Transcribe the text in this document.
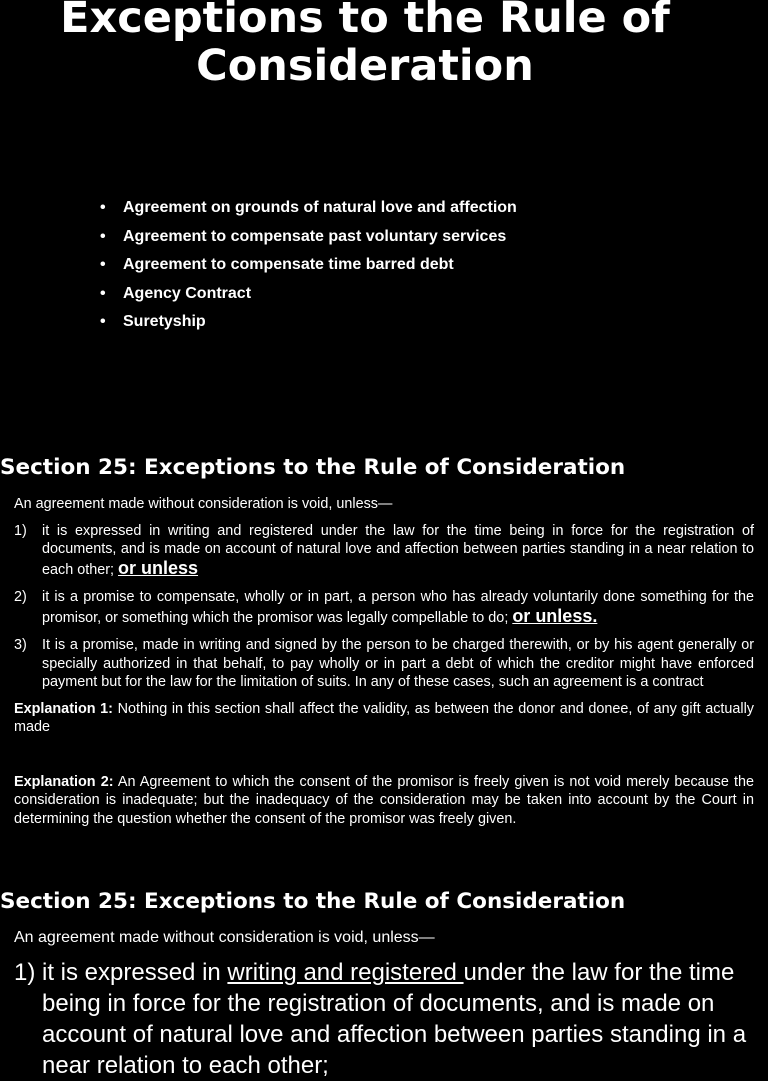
Exceptions to the Rule of Consideration
• Agreement on grounds of natural love and affection
• Agreement to compensate past voluntary services
• Agreement to compensate time barred debt
• Agency Contract
• Suretyship
Section 25: Exceptions to the Rule of Consideration

An agreement made without consideration is void, unless—

1) it is expressed in writing and registered under the law for the time being in force for the registration of documents, and is made on account of natural love and affection between parties standing in a near relation to each other; or unless
2) it is a promise to compensate, wholly or in part, a person who has already voluntarily done something for the promisor, or something which the promisor was legally compellable to do; or unless.
3) It is a promise, made in writing and signed by the person to be charged therewith, or by his agent generally or specially authorized in that behalf, to pay wholly or in part a debt of which the creditor might have enforced payment but for the law for the limitation of suits. In any of these cases, such an agreement is a contract

Explanation 1: Nothing in this section shall affect the validity, as between the donor and donee, of any gift actually made

Explanation 2: An Agreement to which the consent of the promisor is freely given is not void merely because the consideration is inadequate; but the inadequacy of the consideration may be taken into account by the Court in determining the question whether the consent of the promisor was freely given.

Section 25: Exceptions to the Rule of Consideration

An agreement made without consideration is void, unless—

1) it is expressed in writing and registered under the law for the time being in force for the registration of documents, and is made on account of natural love and affection between parties standing in a near relation to each other;
